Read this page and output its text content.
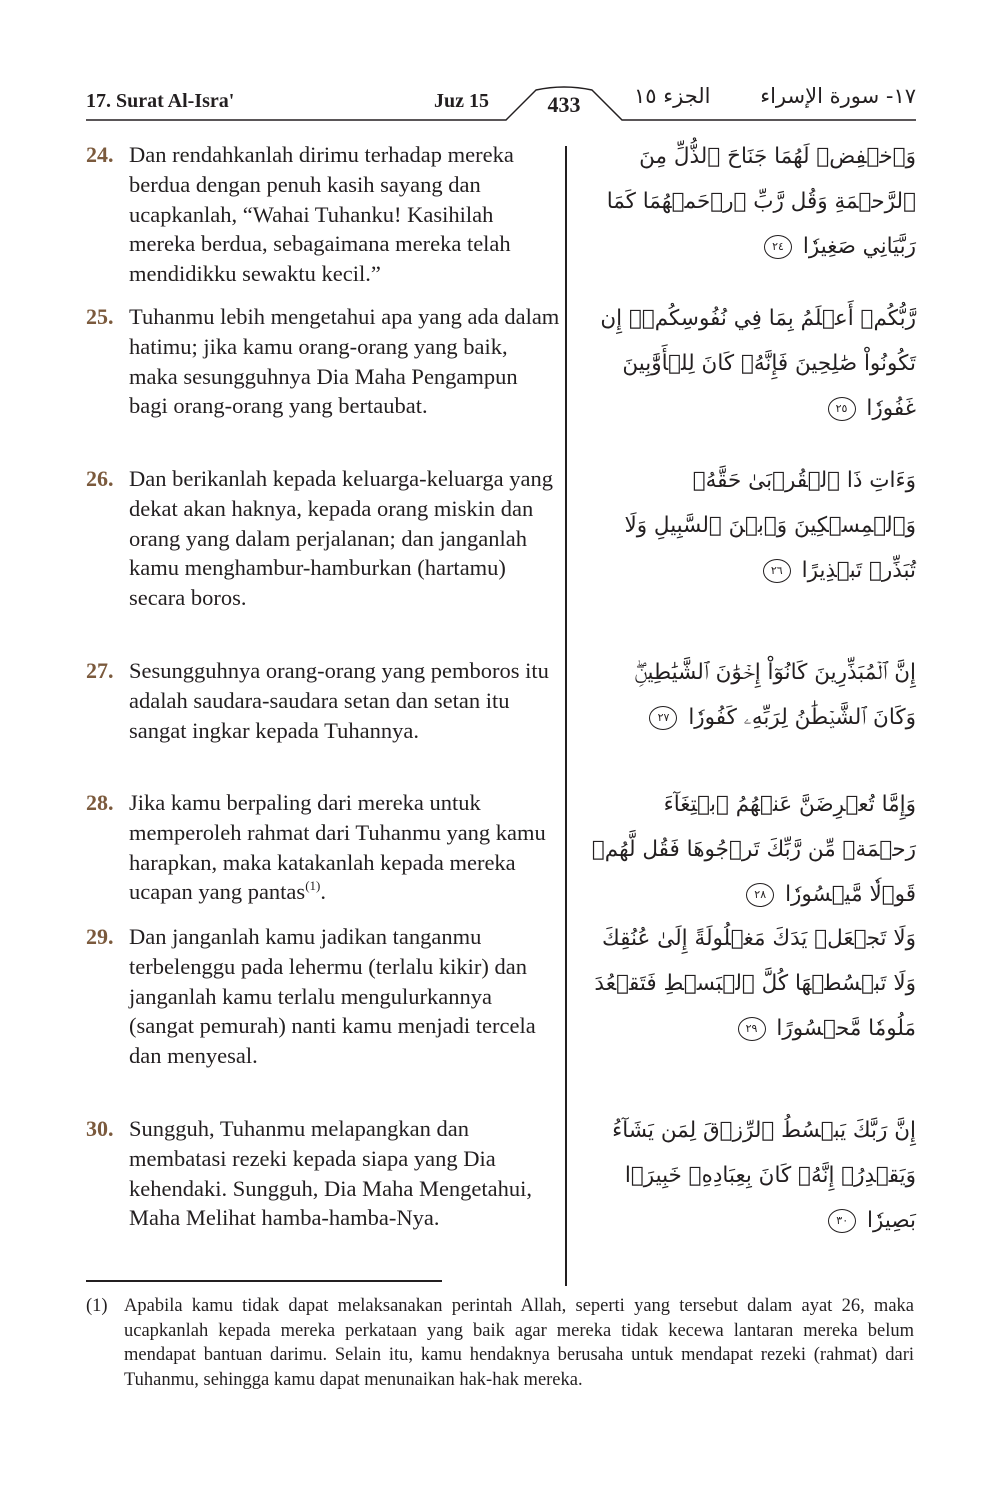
17. Surat Al-Isra'	Juz 15	433	الجزء ١٥ ١٧- سورة الإسراء
24. Dan rendahkanlah dirimu terhadap mereka berdua dengan penuh kasih sayang dan ucapkanlah, “Wahai Tuhanku! Kasihilah mereka berdua, sebagaimana mereka telah mendidikku sewaktu kecil.”
وَٱخۡفِضۡ لَهُمَا جَنَاحَ ٱلذُّلِّ مِنَ ٱلرَّحۡمَةِ وَقُل رَّبِّ ٱرۡحَمۡهُمَا كَمَا رَبَّيَانِي صَغِيرٗا ٢٤
25. Tuhanmu lebih mengetahui apa yang ada dalam hatimu; jika kamu orang-orang yang baik, maka sesungguhnya Dia Maha Pengampun bagi orang-orang yang bertaubat.
رَّبُّكُمۡ أَعۡلَمُ بِمَا فِي نُفُوسِكُمۡۚ إِن تَكُونُواْ صَٰلِحِينَ فَإِنَّهُۥ كَانَ لِلۡأَوَّٰبِينَ غَفُورٗا ٢٥
26. Dan berikanlah kepada keluarga-keluarga yang dekat akan haknya, kepada orang miskin dan orang yang dalam perjalanan; dan janganlah kamu menghambur-hamburkan (hartamu) secara boros.
وَءَاتِ ذَا ٱلۡقُرۡبَىٰ حَقَّهُۥ وَٱلۡمِسۡكِينَ وَٱبۡنَ ٱلسَّبِيلِ وَلَا تُبَذِّرۡ تَبۡذِيرًا ٢٦
27. Sesungguhnya orang-orang yang pemboros itu adalah saudara-saudara setan dan setan itu sangat ingkar kepada Tuhannya.
إِنَّ ٱلۡمُبَذِّرِينَ كَانُوٓاْ إِخۡوَٰنَ ٱلشَّيَٰطِينِۖ وَكَانَ ٱلشَّيۡطَٰنُ لِرَبِّهِۦ كَفُورٗا ٢٧
28. Jika kamu berpaling dari mereka untuk memperoleh rahmat dari Tuhanmu yang kamu harapkan, maka katakanlah kepada mereka ucapan yang pantas$^{(1)}$.
وَإِمَّا تُعۡرِضَنَّ عَنۡهُمُ ٱبۡتِغَآءَ رَحۡمَةٖ مِّن رَّبِّكَ تَرۡجُوهَا فَقُل لَّهُمۡ قَوۡلٗا مَّيۡسُورٗا ٢٨
29. Dan janganlah kamu jadikan tanganmu terbelenggu pada lehermu (terlalu kikir) dan janganlah kamu terlalu mengulurkannya (sangat pemurah) nanti kamu menjadi tercela dan menyesal.
وَلَا تَجۡعَلۡ يَدَكَ مَغۡلُولَةً إِلَىٰ عُنُقِكَ وَلَا تَبۡسُطۡهَا كُلَّ ٱلۡبَسۡطِ فَتَقۡعُدَ مَلُومٗا مَّحۡسُورًا ٢٩
30. Sungguh, Tuhanmu melapangkan dan membatasi rezeki kepada siapa yang Dia kehendaki. Sungguh, Dia Maha Mengetahui, Maha Melihat hamba-hamba-Nya.
إِنَّ رَبَّكَ يَبۡسُطُ ٱلرِّزۡقَ لِمَن يَشَآءُ وَيَقۡدِرُۚ إِنَّهُۥ كَانَ بِعِبَادِهِۦ خَبِيرَۢا بَصِيرٗا ٣٠
(1) Apabila kamu tidak dapat melaksanakan perintah Allah, seperti yang tersebut dalam ayat 26, maka ucapkanlah kepada mereka perkataan yang baik agar mereka tidak kecewa lantaran mereka belum mendapat bantuan darimu. Selain itu, kamu hendaknya berusaha untuk mendapat rezeki (rahmat) dari Tuhanmu, sehingga kamu dapat menunaikan hak-hak mereka.
